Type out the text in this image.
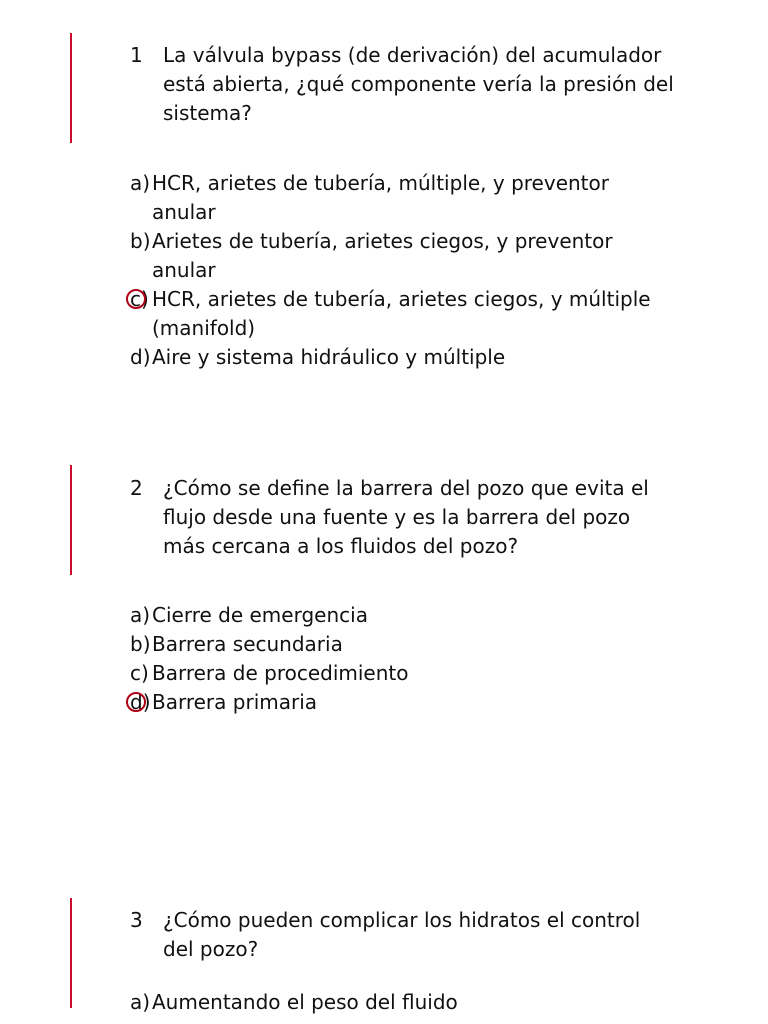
1 La válvula bypass (de derivación) del acumulador está abierta, ¿qué componente vería la presión del sistema?
a)HCR, arietes de tubería, múltiple, y preventor
anular
b)Arietes de tubería, arietes ciegos, y preventor
anular
c) HCR, arietes de tubería, arietes ciegos, y múltiple
(manifold)
d)Aire y sistema hidráulico y múltiple
2 ¿Cómo se define la barrera del pozo que evita el flujo desde una fuente y es la barrera del pozo más cercana a los fluidos del pozo?
a)Cierre de emergencia
b)Barrera secundaria
c) Barrera de procedimiento
d)Barrera primaria
3 ¿Cómo pueden complicar los hidratos el control del pozo?
a)Aumentando el peso del fluido
